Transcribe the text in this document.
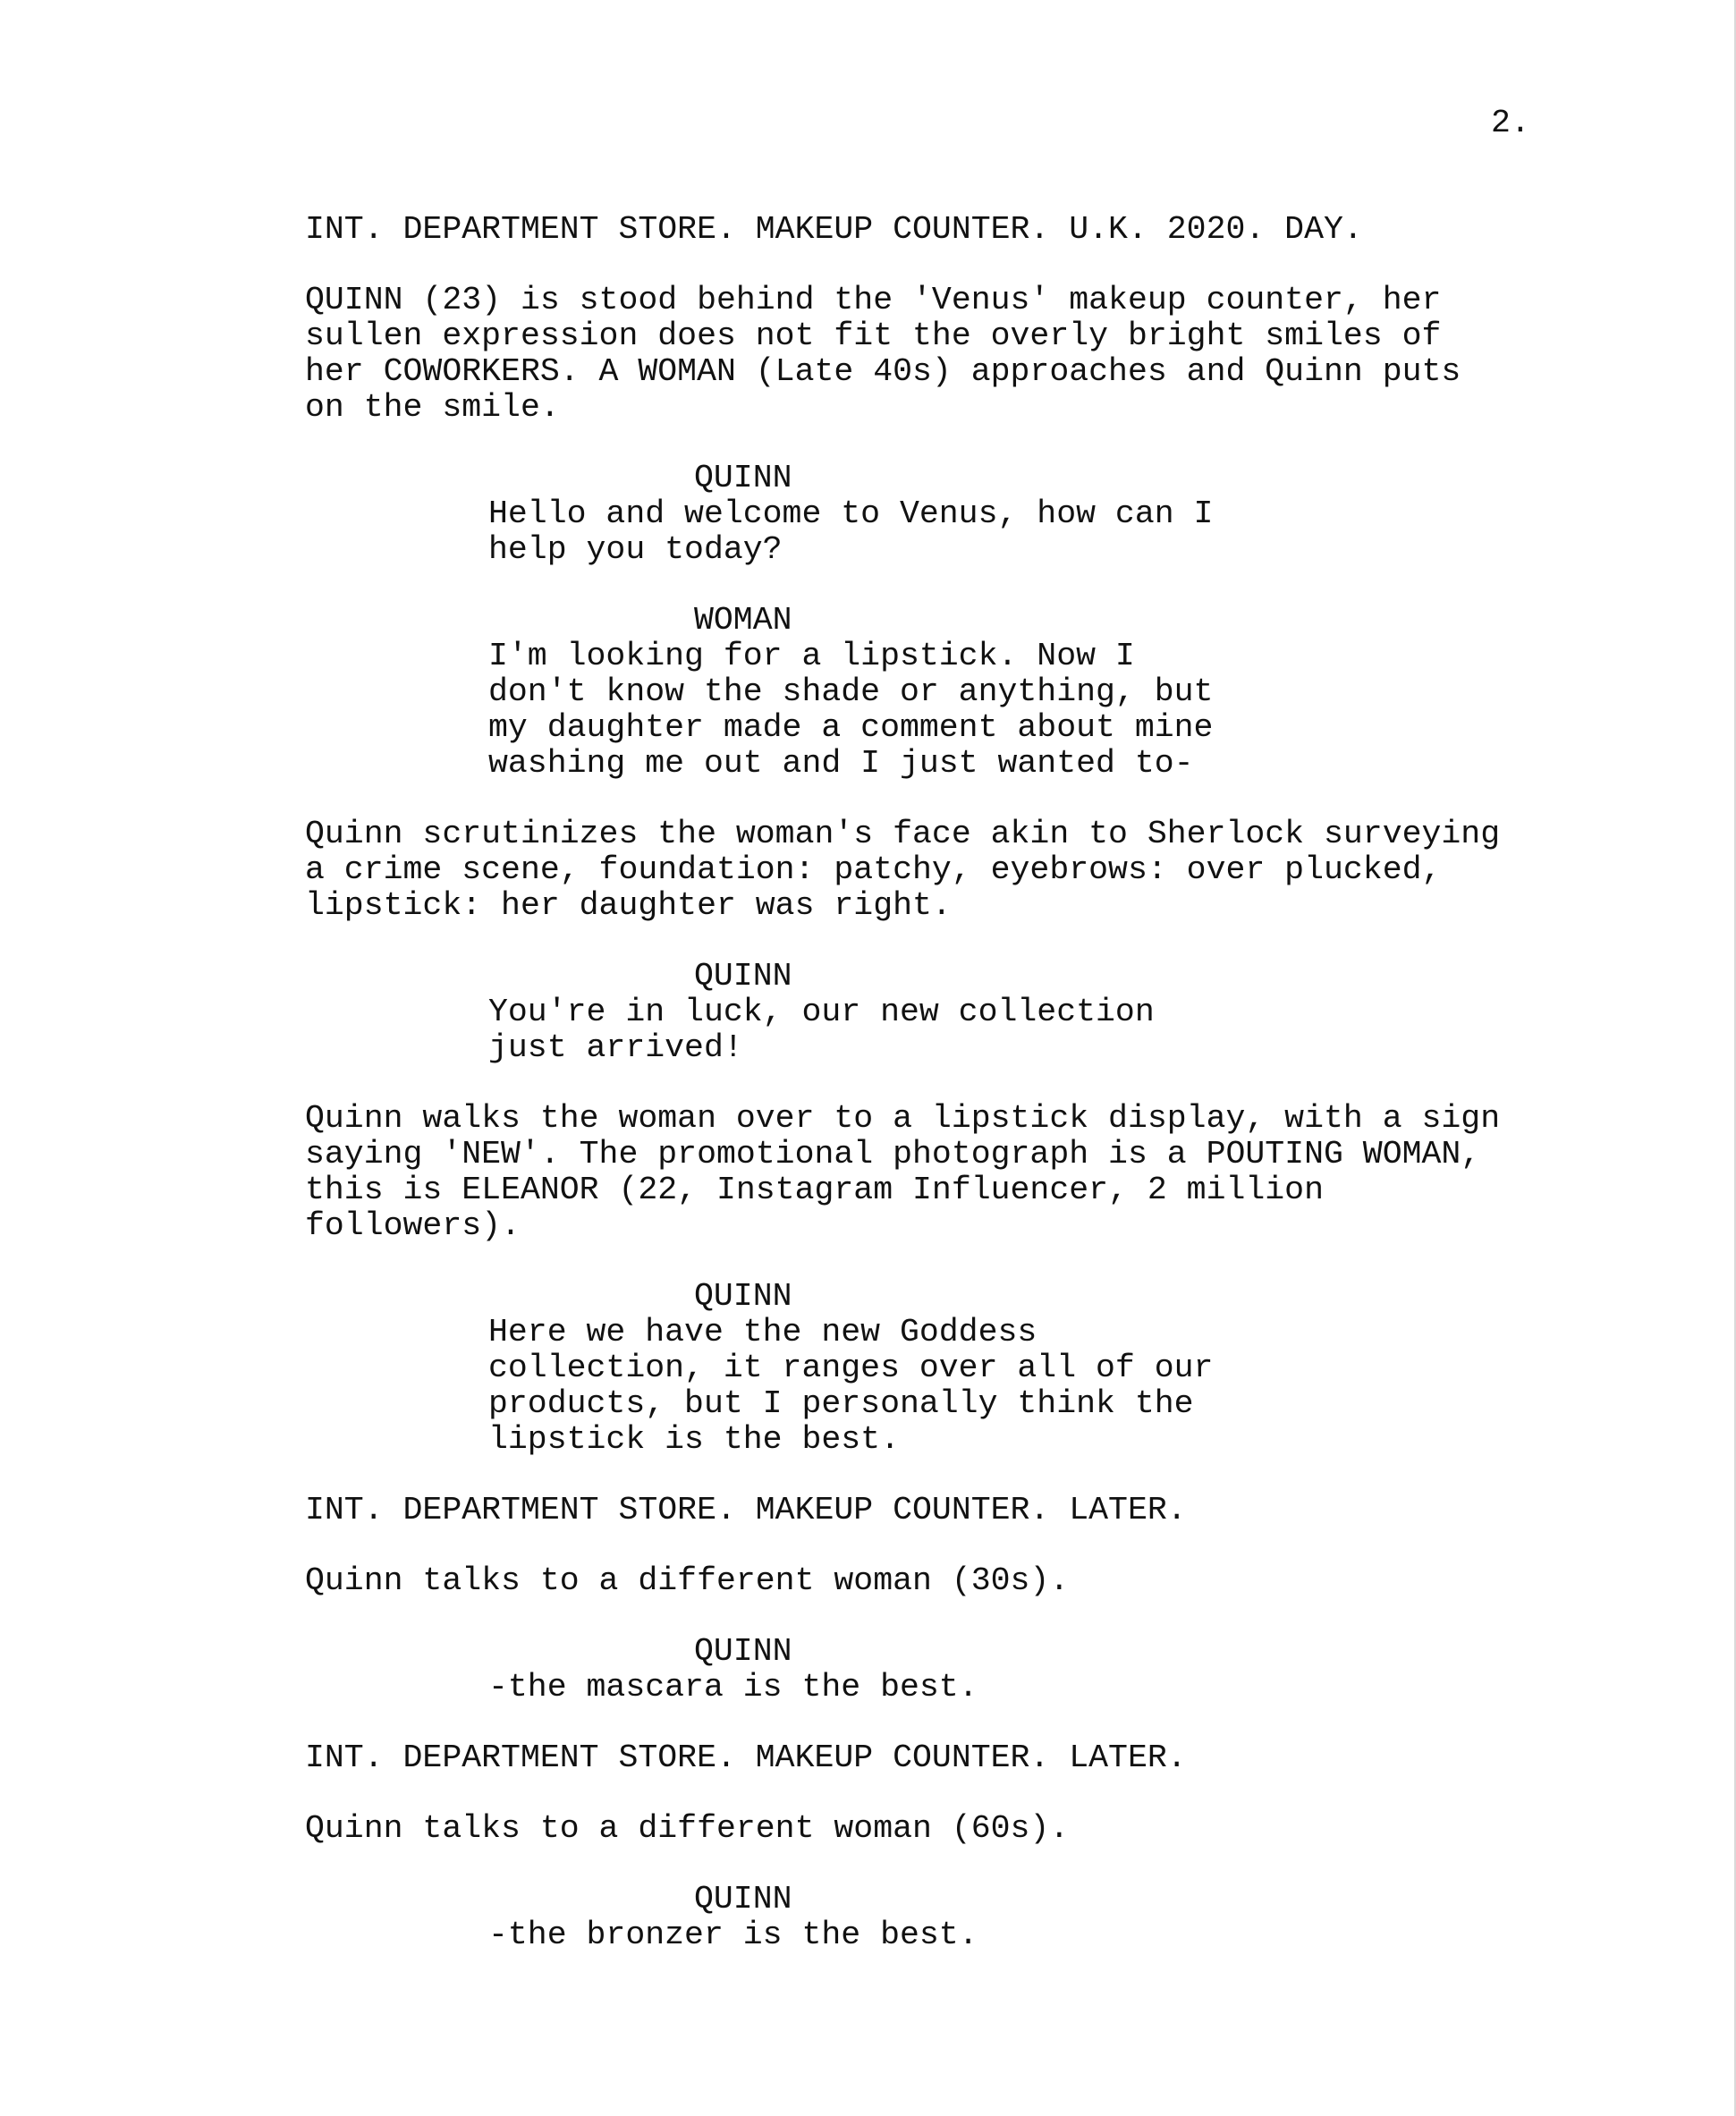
2.
INT. DEPARTMENT STORE. MAKEUP COUNTER. U.K. 2020. DAY.
QUINN (23) is stood behind the 'Venus' makeup counter, her
sullen expression does not fit the overly bright smiles of
her COWORKERS. A WOMAN (Late 40s) approaches and Quinn puts
on the smile.
QUINN
Hello and welcome to Venus, how can I
help you today?
WOMAN
I'm looking for a lipstick. Now I
don't know the shade or anything, but
my daughter made a comment about mine
washing me out and I just wanted to-
Quinn scrutinizes the woman's face akin to Sherlock surveying
a crime scene, foundation: patchy, eyebrows: over plucked,
lipstick: her daughter was right.
QUINN
You're in luck, our new collection
just arrived!
Quinn walks the woman over to a lipstick display, with a sign
saying 'NEW'. The promotional photograph is a POUTING WOMAN,
this is ELEANOR (22, Instagram Influencer, 2 million
followers).
QUINN
Here we have the new Goddess
collection, it ranges over all of our
products, but I personally think the
lipstick is the best.
INT. DEPARTMENT STORE. MAKEUP COUNTER. LATER.
Quinn talks to a different woman (30s).
QUINN
-the mascara is the best.
INT. DEPARTMENT STORE. MAKEUP COUNTER. LATER.
Quinn talks to a different woman (60s).
QUINN
-the bronzer is the best.
